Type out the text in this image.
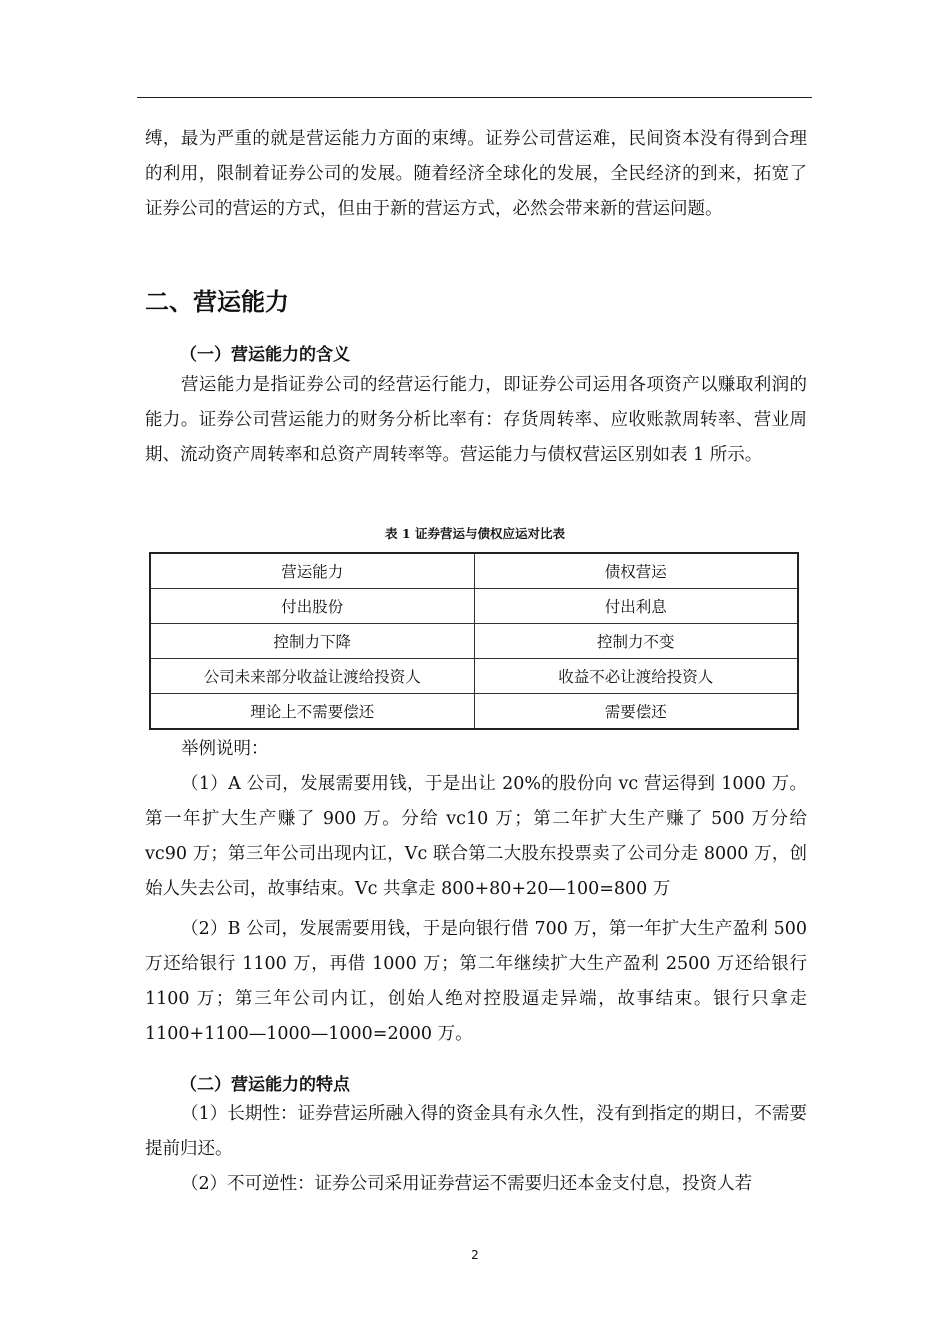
缚，最为严重的就是营运能力方面的束缚。证券公司营运难，民间资本没有得到合理的利用，限制着证券公司的发展。随着经济全球化的发展，全民经济的到来，拓宽了证券公司的营运的方式，但由于新的营运方式，必然会带来新的营运问题。

二、营运能力
（一）营运能力的含义

营运能力是指证券公司的经营运行能力，即证券公司运用各项资产以赚取利润的能力。证券公司营运能力的财务分析比率有：存货周转率、应收账款周转率、营业周期、流动资产周转率和总资产周转率等。营运能力与债权营运区别如表 1 所示。

表 1 证券营运与债权应运对比表

营运能力	债权营运
付出股份	付出利息
控制力下降	控制力不变
公司未来部分收益让渡给投资人	收益不必让渡给投资人
理论上不需要偿还	需要偿还

举例说明：

（1）A 公司，发展需要用钱，于是出让 20%的股份向 vc 营运得到 1000 万。第一年扩大生产赚了 900 万。分给 vc10 万；第二年扩大生产赚了 500 万分给 vc90 万；第三年公司出现内讧，Vc 联合第二大股东投票卖了公司分走 8000 万，创始人失去公司，故事结束。Vc 共拿走 800+80+20—100=800 万

（2）B 公司，发展需要用钱，于是向银行借 700 万，第一年扩大生产盈利 500 万还给银行 1100 万，再借 1000 万；第二年继续扩大生产盈利 2500 万还给银行 1100 万；第三年公司内讧，创始人绝对控股逼走异端，故事结束。银行只拿走 1100+1100—1000—1000=2000 万。

（二）营运能力的特点

（1）长期性：证券营运所融入得的资金具有永久性，没有到指定的期日，不需要提前归还。

（2）不可逆性：证券公司采用证券营运不需要归还本金支付息，投资人若

2
